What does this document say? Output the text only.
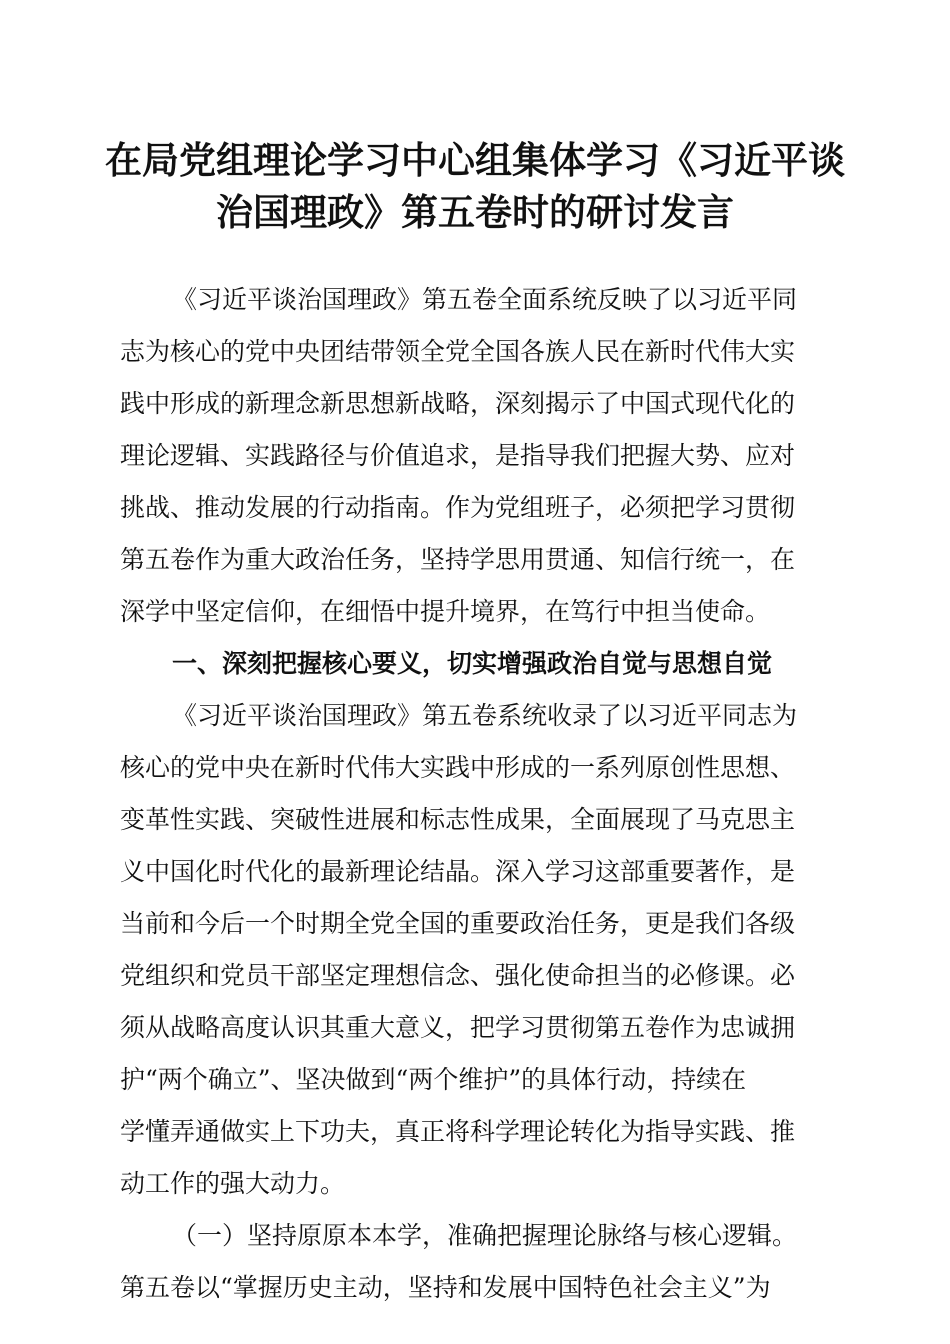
在局党组理论学习中心组集体学习《习近平谈
治国理政》第五卷时的研讨发言
《习近平谈治国理政》第五卷全面系统反映了以习近平同
志为核心的党中央团结带领全党全国各族人民在新时代伟大实
践中形成的新理念新思想新战略，深刻揭示了中国式现代化的
理论逻辑、实践路径与价值追求，是指导我们把握大势、应对
挑战、推动发展的行动指南。作为党组班子，必须把学习贯彻
第五卷作为重大政治任务，坚持学思用贯通、知信行统一，在
深学中坚定信仰，在细悟中提升境界，在笃行中担当使命。
一、深刻把握核心要义，切实增强政治自觉与思想自觉
《习近平谈治国理政》第五卷系统收录了以习近平同志为
核心的党中央在新时代伟大实践中形成的一系列原创性思想、
变革性实践、突破性进展和标志性成果，全面展现了马克思主
义中国化时代化的最新理论结晶。深入学习这部重要著作，是
当前和今后一个时期全党全国的重要政治任务，更是我们各级
党组织和党员干部坚定理想信念、强化使命担当的必修课。必
须从战略高度认识其重大意义，把学习贯彻第五卷作为忠诚拥
护“两个确立”、坚决做到“两个维护”的具体行动，持续在
学懂弄通做实上下功夫，真正将科学理论转化为指导实践、推
动工作的强大动力。
（一）坚持原原本本学，准确把握理论脉络与核心逻辑。
第五卷以“掌握历史主动，坚持和发展中国特色社会主义”为
